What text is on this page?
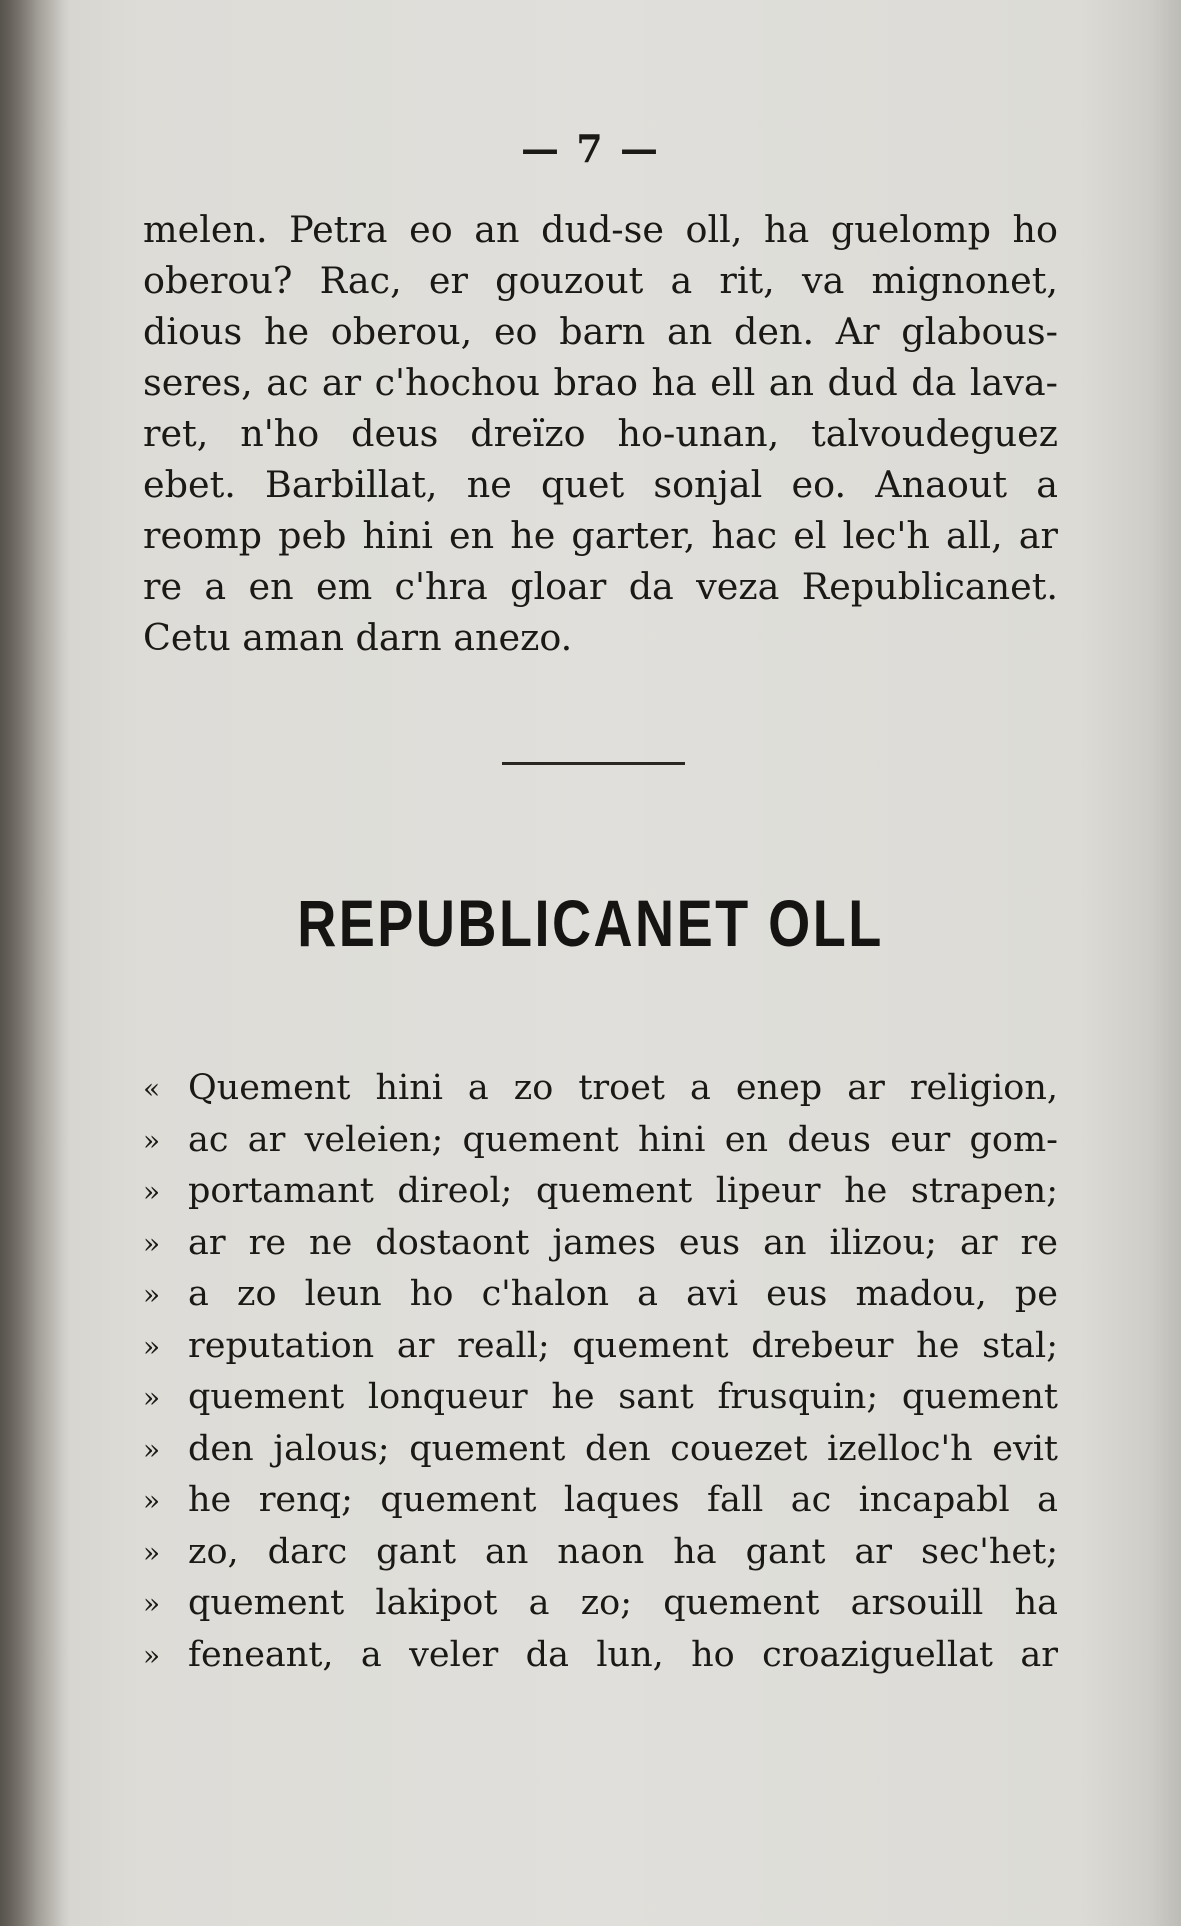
— 7 —
melen. Petra eo an dud-se oll, ha guelomp ho
oberou? Rac, er gouzout a rit, va mignonet,
dious he oberou, eo barn an den. Ar glabous-
seres, ac ar c'hochou brao ha ell an dud da lava-
ret, n'ho deus dreïzo ho-unan, talvoudeguez
ebet. Barbillat, ne quet sonjal eo. Anaout a
reomp peb hini en he garter, hac el lec'h all, ar
re a en em c'hra gloar da veza Republicanet.
Cetu aman darn anezo.
REPUBLICANET OLL
« Quement hini a zo troet a enep ar religion,
» ac ar veleien; quement hini en deus eur gom-
» portamant direol; quement lipeur he strapen;
» ar re ne dostaont james eus an ilizou; ar re
» a zo leun ho c'halon a avi eus madou, pe
» reputation ar reall; quement drebeur he stal;
» quement lonqueur he sant frusquin; quement
» den jalous; quement den couezet izelloc'h evit
» he renq; quement laques fall ac incapabl a
» zo, darc gant an naon ha gant ar sec'het;
» quement lakipot a zo; quement arsouill ha
» feneant, a veler da lun, ho croaziguellat ar
